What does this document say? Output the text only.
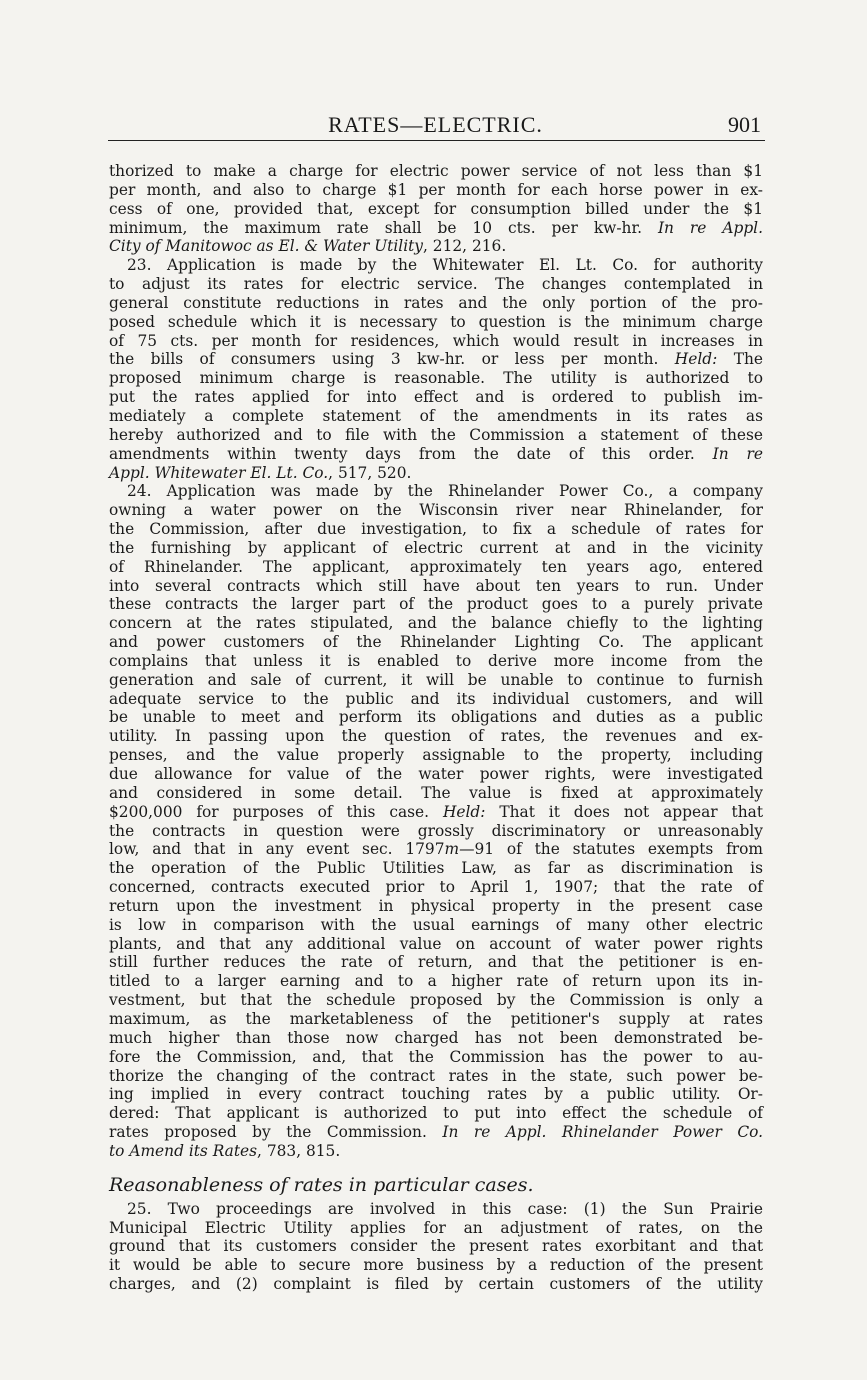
RATES—ELECTRIC.	901
thorized to make a charge for electric power service of not less than $1
per month, and also to charge $1 per month for each horse power in ex-
cess of one, provided that, except for consumption billed under the $1
minimum, the maximum rate shall be 10 cts. per kw-hr. In re Appl.
City of Manitowoc as El. & Water Utility, 212, 216.
23. Application is made by the Whitewater El. Lt. Co. for authority
to adjust its rates for electric service. The changes contemplated in
general constitute reductions in rates and the only portion of the pro-
posed schedule which it is necessary to question is the minimum charge
of 75 cts. per month for residences, which would result in increases in
the bills of consumers using 3 kw-hr. or less per month. Held: The
proposed minimum charge is reasonable. The utility is authorized to
put the rates applied for into effect and is ordered to publish im-
mediately a complete statement of the amendments in its rates as
hereby authorized and to file with the Commission a statement of these
amendments within twenty days from the date of this order. In re
Appl. Whitewater El. Lt. Co., 517, 520.
24. Application was made by the Rhinelander Power Co., a company
owning a water power on the Wisconsin river near Rhinelander, for
the Commission, after due investigation, to fix a schedule of rates for
the furnishing by applicant of electric current at and in the vicinity
of Rhinelander. The applicant, approximately ten years ago, entered
into several contracts which still have about ten years to run. Under
these contracts the larger part of the product goes to a purely private
concern at the rates stipulated, and the balance chiefly to the lighting
and power customers of the Rhinelander Lighting Co. The applicant
complains that unless it is enabled to derive more income from the
generation and sale of current, it will be unable to continue to furnish
adequate service to the public and its individual customers, and will
be unable to meet and perform its obligations and duties as a public
utility. In passing upon the question of rates, the revenues and ex-
penses, and the value properly assignable to the property, including
due allowance for value of the water power rights, were investigated
and considered in some detail. The value is fixed at approximately
$200,000 for purposes of this case. Held: That it does not appear that
the contracts in question were grossly discriminatory or unreasonably
low, and that in any event sec. 1797m—91 of the statutes exempts from
the operation of the Public Utilities Law, as far as discrimination is
concerned, contracts executed prior to April 1, 1907; that the rate of
return upon the investment in physical property in the present case
is low in comparison with the usual earnings of many other electric
plants, and that any additional value on account of water power rights
still further reduces the rate of return, and that the petitioner is en-
titled to a larger earning and to a higher rate of return upon its in-
vestment, but that the schedule proposed by the Commission is only a
maximum, as the marketableness of the petitioner's supply at rates
much higher than those now charged has not been demonstrated be-
fore the Commission, and, that the Commission has the power to au-
thorize the changing of the contract rates in the state, such power be-
ing implied in every contract touching rates by a public utility. Or-
dered: That applicant is authorized to put into effect the schedule of
rates proposed by the Commission. In re Appl. Rhinelander Power Co.
to Amend its Rates, 783, 815.
Reasonableness of rates in particular cases.
25. Two proceedings are involved in this case: (1) the Sun Prairie
Municipal Electric Utility applies for an adjustment of rates, on the
ground that its customers consider the present rates exorbitant and that
it would be able to secure more business by a reduction of the present
charges, and (2) complaint is filed by certain customers of the utility
